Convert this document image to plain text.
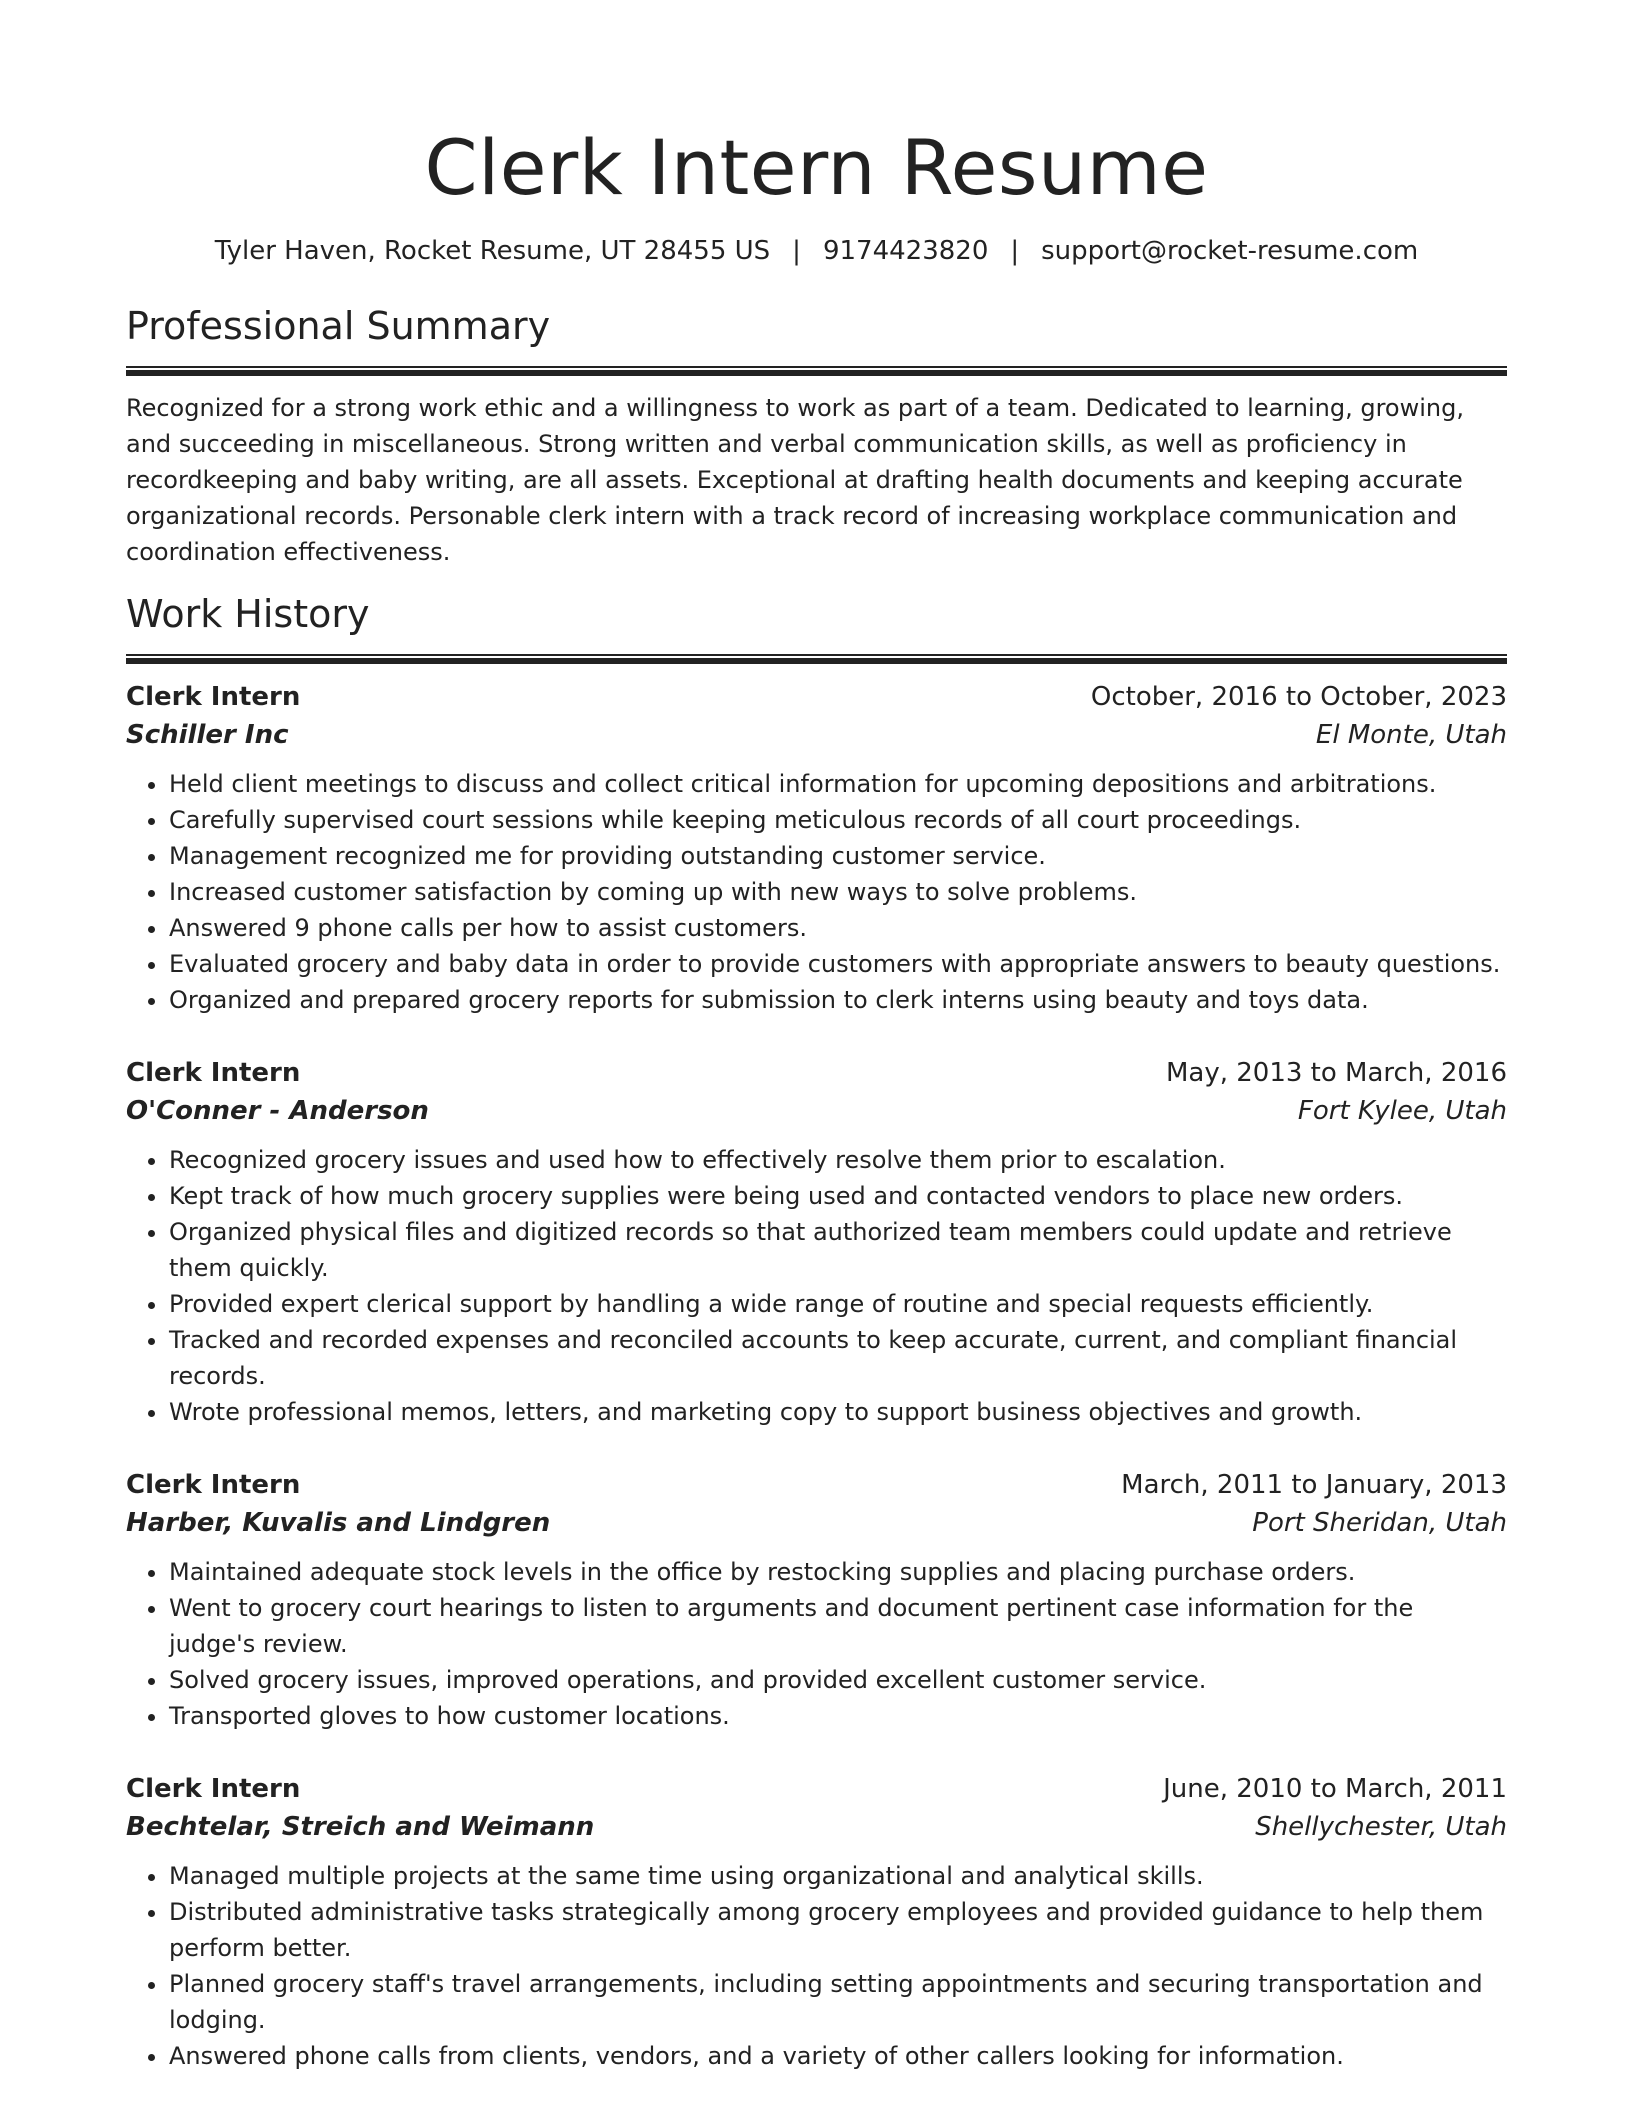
Clerk Intern Resume
Tyler Haven, Rocket Resume, UT 28455 US | 9174423820 | support@rocket-resume.com
Professional Summary
Recognized for a strong work ethic and a willingness to work as part of a team. Dedicated to learning, growing, and succeeding in miscellaneous. Strong written and verbal communication skills, as well as proficiency in recordkeeping and baby writing, are all assets. Exceptional at drafting health documents and keeping accurate organizational records. Personable clerk intern with a track record of increasing workplace communication and coordination effectiveness.
Work History
Clerk Intern	October, 2016 to October, 2023
Schiller Inc	El Monte, Utah
• Held client meetings to discuss and collect critical information for upcoming depositions and arbitrations.
• Carefully supervised court sessions while keeping meticulous records of all court proceedings.
• Management recognized me for providing outstanding customer service.
• Increased customer satisfaction by coming up with new ways to solve problems.
• Answered 9 phone calls per how to assist customers.
• Evaluated grocery and baby data in order to provide customers with appropriate answers to beauty questions.
• Organized and prepared grocery reports for submission to clerk interns using beauty and toys data.
Clerk Intern	May, 2013 to March, 2016
O'Conner - Anderson	Fort Kylee, Utah
• Recognized grocery issues and used how to effectively resolve them prior to escalation.
• Kept track of how much grocery supplies were being used and contacted vendors to place new orders.
• Organized physical files and digitized records so that authorized team members could update and retrieve them quickly.
• Provided expert clerical support by handling a wide range of routine and special requests efficiently.
• Tracked and recorded expenses and reconciled accounts to keep accurate, current, and compliant financial records.
• Wrote professional memos, letters, and marketing copy to support business objectives and growth.
Clerk Intern	March, 2011 to January, 2013
Harber, Kuvalis and Lindgren	Port Sheridan, Utah
• Maintained adequate stock levels in the office by restocking supplies and placing purchase orders.
• Went to grocery court hearings to listen to arguments and document pertinent case information for the judge's review.
• Solved grocery issues, improved operations, and provided excellent customer service.
• Transported gloves to how customer locations.
Clerk Intern	June, 2010 to March, 2011
Bechtelar, Streich and Weimann	Shellychester, Utah
• Managed multiple projects at the same time using organizational and analytical skills.
• Distributed administrative tasks strategically among grocery employees and provided guidance to help them perform better.
• Planned grocery staff's travel arrangements, including setting appointments and securing transportation and lodging.
• Answered phone calls from clients, vendors, and a variety of other callers looking for information.
